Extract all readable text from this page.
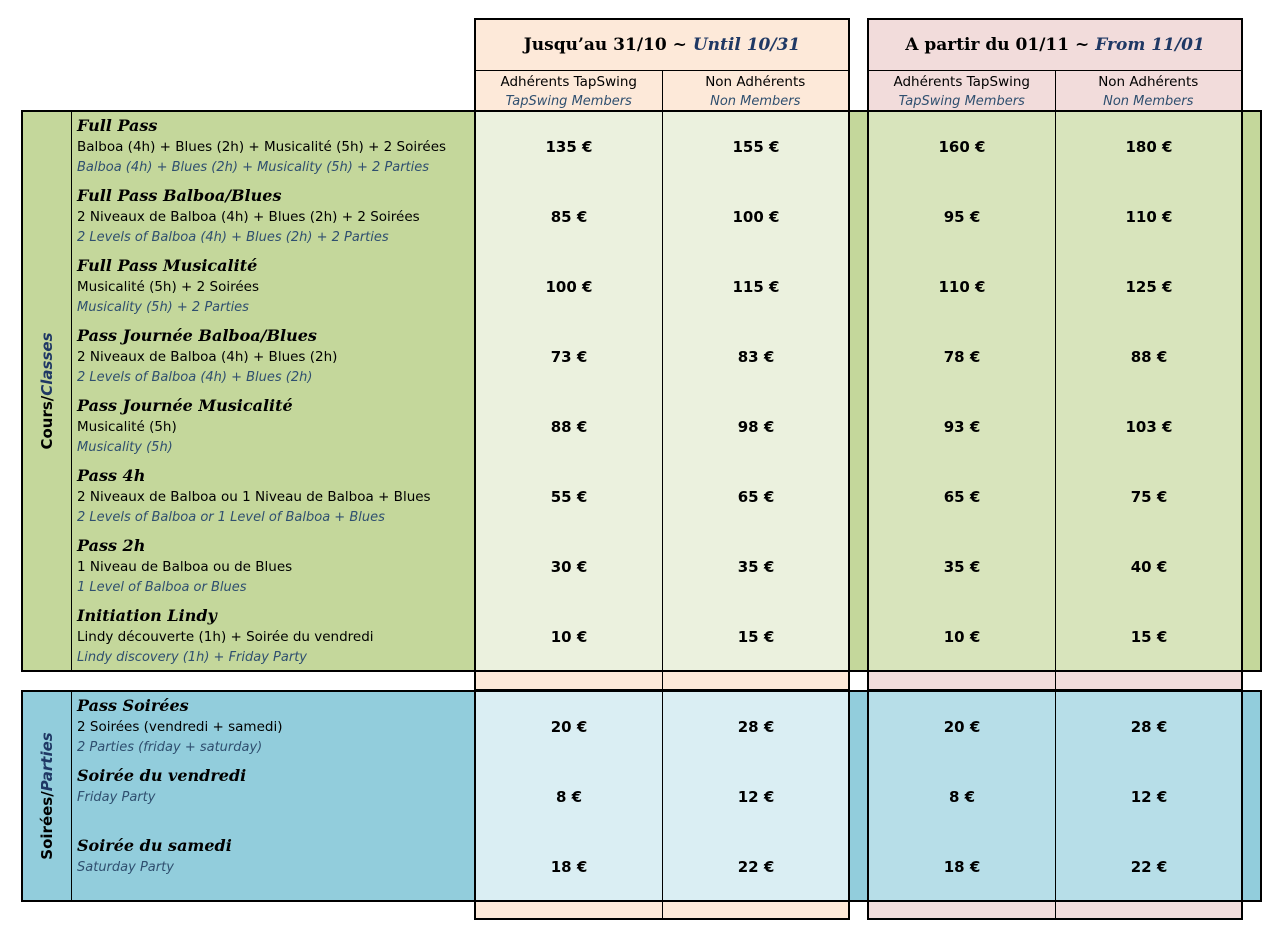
Jusqu’au 31/10 ~ Until 10/31
Adhérents TapSwing
TapSwing Members
Non Adhérents
Non Members
A partir du 01/11 ~ From 11/01
Adhérents TapSwing
TapSwing Members
Non Adhérents
Non Members
Cours/Classes
Full Pass
Balboa (4h) + Blues (2h) + Musicalité (5h) + 2 Soirées
Balboa (4h) + Blues (2h) + Musicality (5h) + 2 Parties
135 €	155 €	160 €	180 €
Full Pass Balboa/Blues
2 Niveaux de Balboa (4h) + Blues (2h) + 2 Soirées
2 Levels of Balboa (4h) + Blues (2h) + 2 Parties
85 €	100 €	95 €	110 €
Full Pass Musicalité
Musicalité (5h) + 2 Soirées
Musicality (5h) + 2 Parties
100 €	115 €	110 €	125 €
Pass Journée Balboa/Blues
2 Niveaux de Balboa (4h) + Blues (2h)
2 Levels of Balboa (4h) + Blues (2h)
73 €	83 €	78 €	88 €
Pass Journée Musicalité
Musicalité (5h)
Musicality (5h)
88 €	98 €	93 €	103 €
Pass 4h
2 Niveaux de Balboa ou 1 Niveau de Balboa + Blues
2 Levels of Balboa or 1 Level of Balboa + Blues
55 €	65 €	65 €	75 €
Pass 2h
1 Niveau de Balboa ou de Blues
1 Level of Balboa or Blues
30 €	35 €	35 €	40 €
Initiation Lindy
Lindy découverte (1h) + Soirée du vendredi
Lindy discovery (1h) + Friday Party
10 €	15 €	10 €	15 €
Soirées/Parties
Pass Soirées
2 Soirées (vendredi + samedi)
2 Parties (friday + saturday)
20 €	28 €	20 €	28 €
Soirée du vendredi
Friday Party	8 €	12 €	8 €	12 €
Soirée du samedi
Saturday Party	18 €	22 €	18 €	22 €
